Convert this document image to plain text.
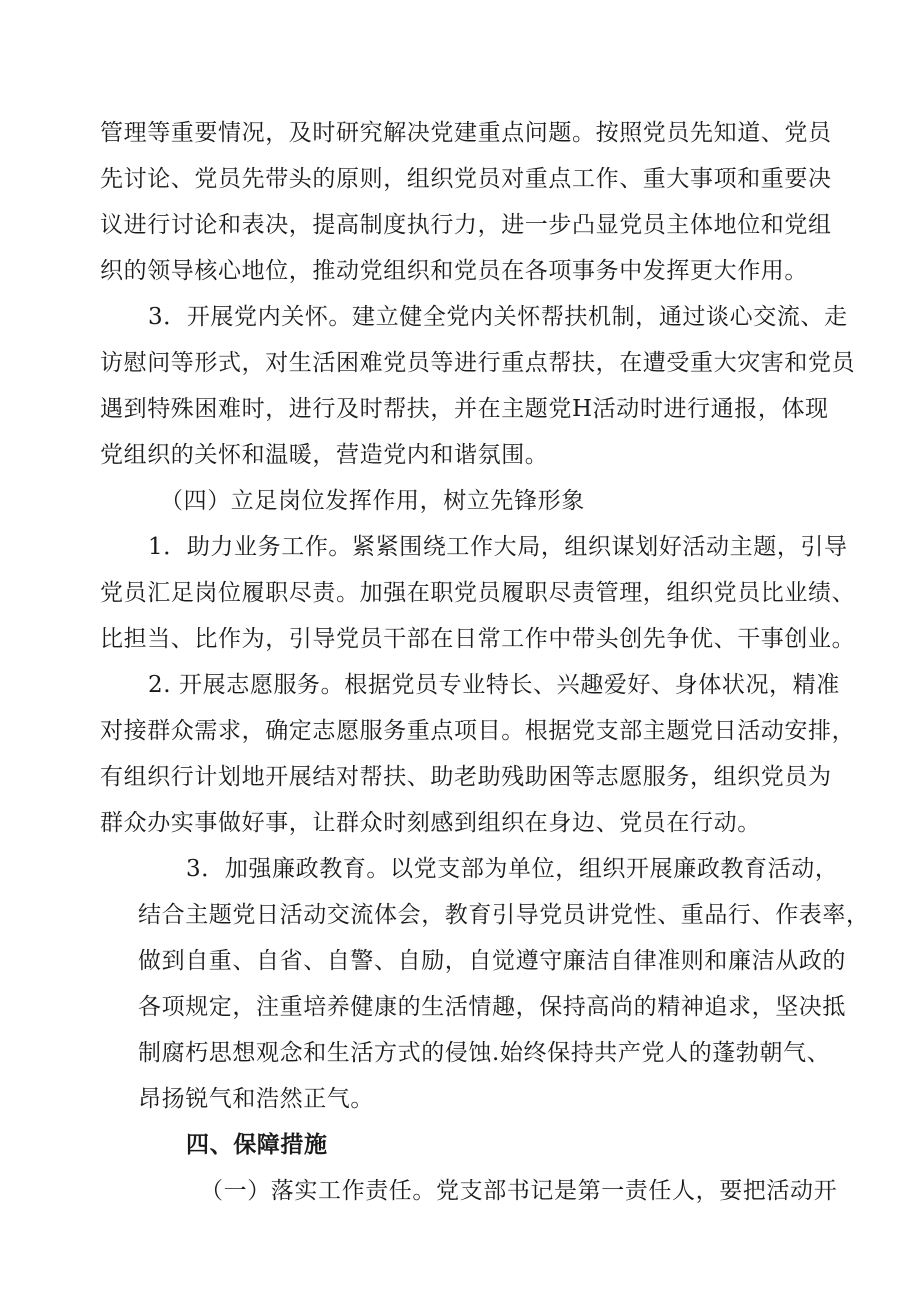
管理等重要情况，及时研究解决党建重点问题。按照党员先知道、党员
先讨论、党员先带头的原则，组织党员对重点工作、重大事项和重要决
议进行讨论和表决，提高制度执行力，进一步凸显党员主体地位和党组
织的领导核心地位，推动党组织和党员在各项事务中发挥更大作用。
3．开展党内关怀。建立健全党内关怀帮扶机制，通过谈心交流、走
访慰问等形式，对生活困难党员等进行重点帮扶，在遭受重大灾害和党员
遇到特殊困难时，进行及时帮扶，并在主题党H活动时进行通报，体现
党组织的关怀和温暖，营造党内和谐氛围。
（四）立足岗位发挥作用，树立先锋形象
1．助力业务工作。紧紧围绕工作大局，组织谋划好活动主题，引导
党员汇足岗位履职尽责。加强在职党员履职尽责管理，组织党员比业绩、
比担当、比作为，引导党员干部在日常工作中带头创先争优、干事创业。
2. 开展志愿服务。根据党员专业特长、兴趣爱好、身体状况，精准
对接群众需求，确定志愿服务重点项目。根据党支部主题党日活动安排，
有组织行计划地开展结对帮扶、助老助残助困等志愿服务，组织党员为
群众办实事做好事，让群众时刻感到组织在身边、党员在行动。
3．加强廉政教育。以党支部为单位，组织开展廉政教育活动，
结合主题党日活动交流体会，教育引导党员讲党性、重品行、作表率，
做到自重、自省、自警、自励，自觉遵守廉洁自律准则和廉洁从政的
各项规定，注重培养健康的生活情趣，保持高尚的精神追求，坚决抵
制腐朽思想观念和生活方式的侵蚀.始终保持共产党人的蓬勃朝气、
昂扬锐气和浩然正气。
四、保障措施
（一）落实工作责任。党支部书记是第一责任人，要把活动开
